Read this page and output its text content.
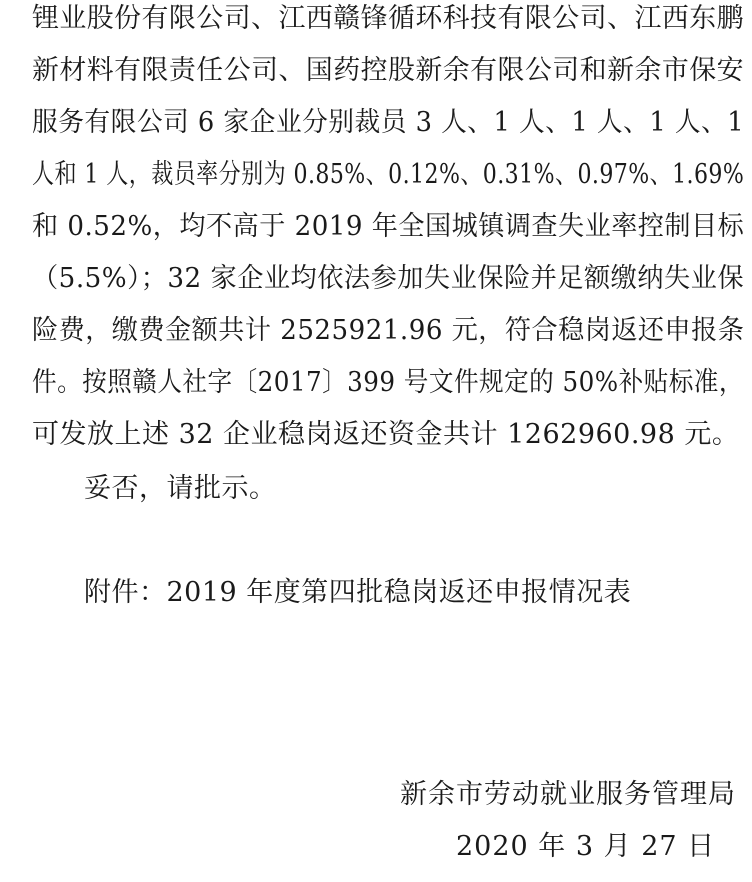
锂业股份有限公司、江西赣锋循环科技有限公司、江西东鹏
新材料有限责任公司、国药控股新余有限公司和新余市保安
服务有限公司 6 家企业分别裁员 3 人、1 人、1 人、1 人、1
人和 1 人，裁员率分别为 0.85%、0.12%、0.31%、0.97%、1.69%
和 0.52%，均不高于 2019 年全国城镇调查失业率控制目标
（5.5%）；32 家企业均依法参加失业保险并足额缴纳失业保
险费，缴费金额共计 2525921.96 元，符合稳岗返还申报条
件。按照赣人社字〔2017〕399 号文件规定的 50%补贴标准，
可发放上述 32 企业稳岗返还资金共计 1262960.98 元。
妥否，请批示。
附件：2019 年度第四批稳岗返还申报情况表
新余市劳动就业服务管理局
2020 年 3 月 27 日
